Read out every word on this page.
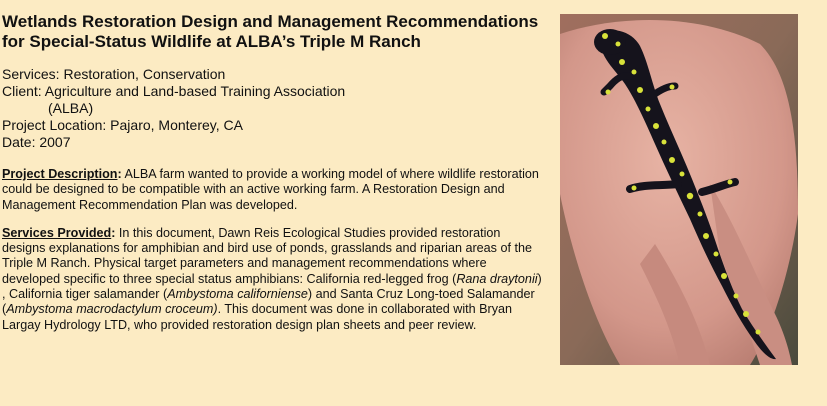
Wetlands Restoration Design and Management Recommendations for Special-Status Wildlife at ALBA’s Triple M Ranch
Services: Restoration, Conservation
Client: Agriculture and Land-based Training Association
(ALBA)
Project Location: Pajaro, Monterey, CA
Date: 2007
Project Description: ALBA farm wanted to provide a working model of where wildlife restoration could be designed to be compatible with an active working farm. A Restoration Design and Management Recommendation Plan was developed.
Services Provided: In this document, Dawn Reis Ecological Studies provided restoration designs explanations for amphibian and bird use of ponds, grasslands and riparian areas of the Triple M Ranch. Physical target parameters and management recommendations where developed specific to three special status amphibians: California red-legged frog (Rana draytonii) , California tiger salamander (Ambystoma californiense) and Santa Cruz Long-toed Salamander (Ambystoma macrodactylum croceum). This document was done in collaborated with Bryan Largay Hydrology LTD, who provided restoration design plan sheets and peer review.
